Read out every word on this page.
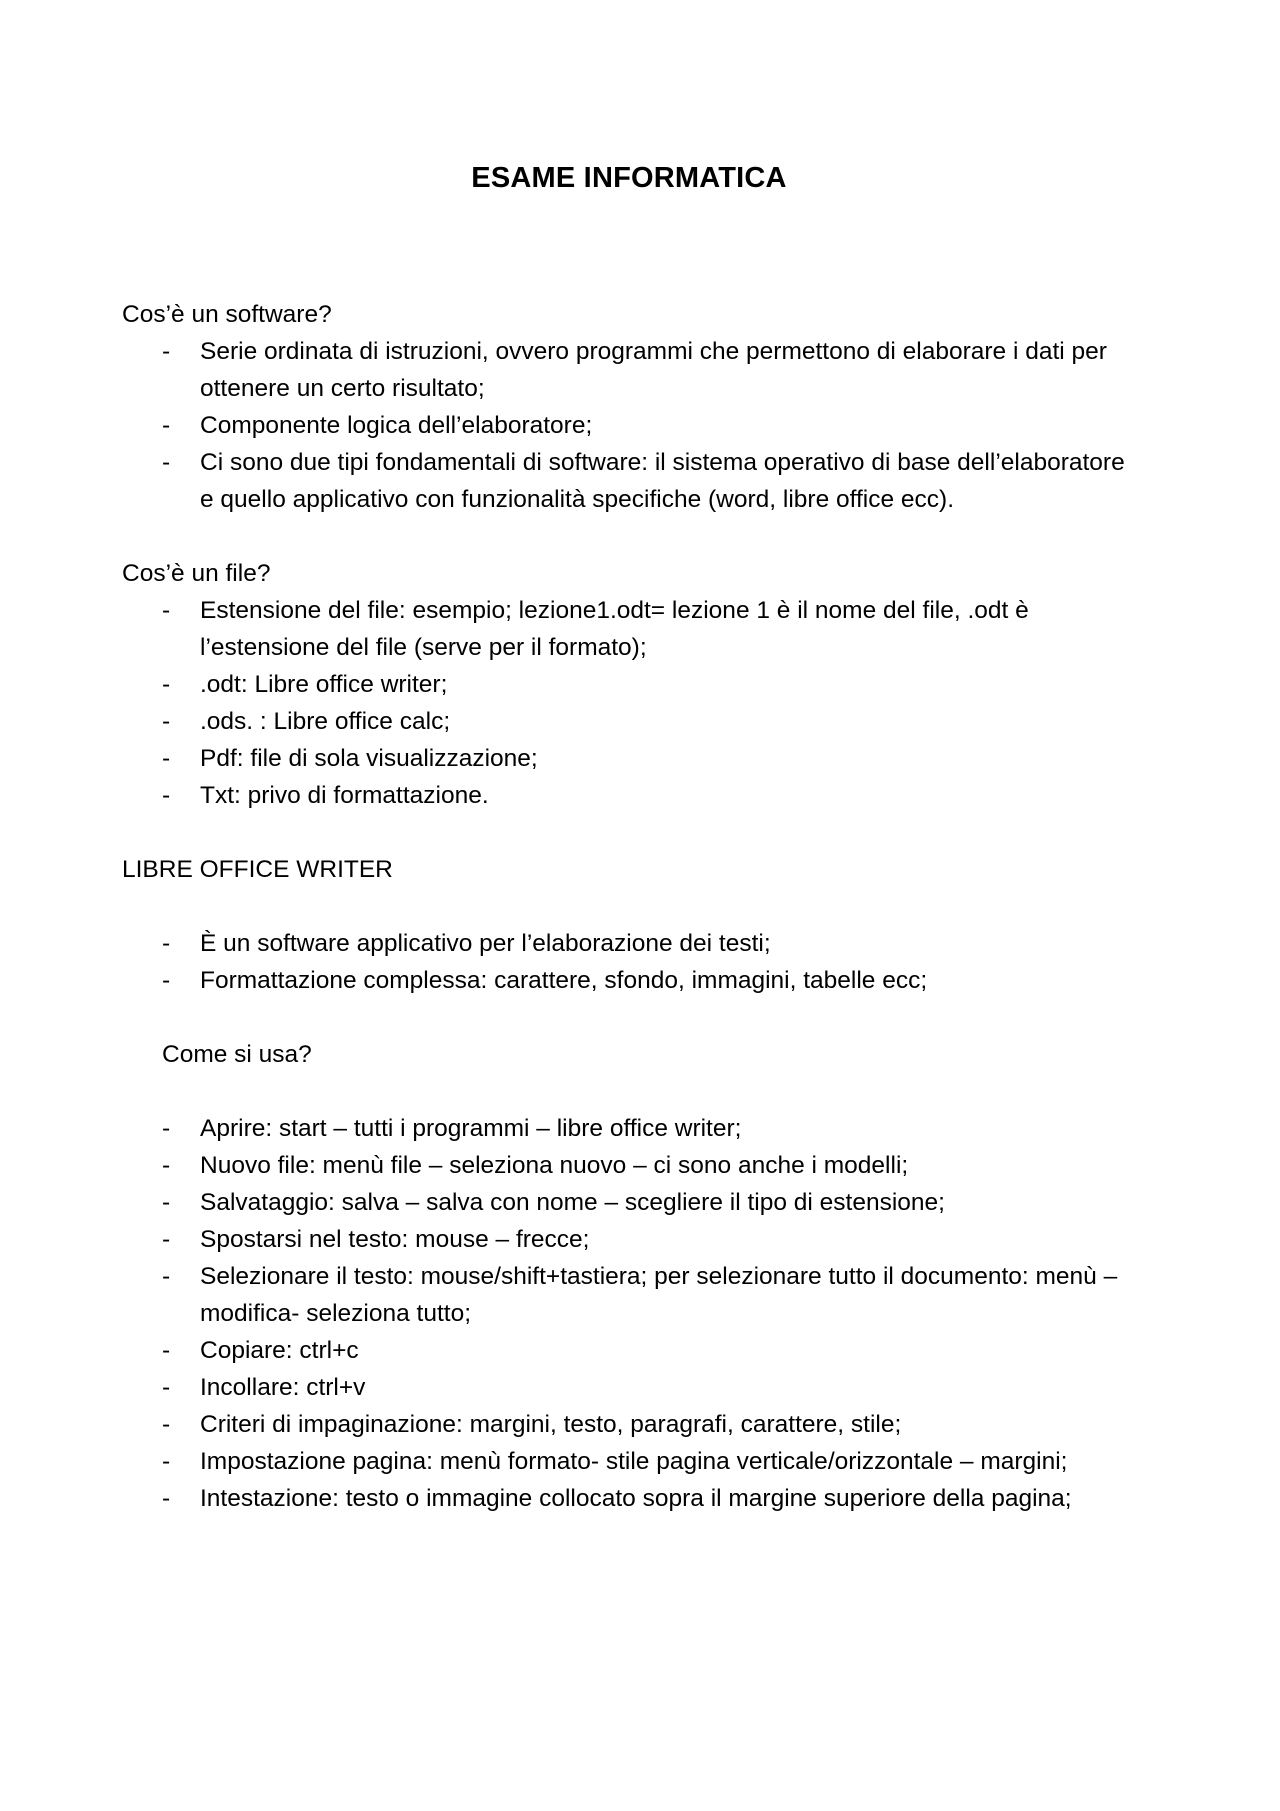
ESAME INFORMATICA
Cos’è un software?
- Serie ordinata di istruzioni, ovvero programmi che permettono di elaborare i dati per ottenere un certo risultato;
- Componente logica dell’elaboratore;
- Ci sono due tipi fondamentali di software: il sistema operativo di base dell’elaboratore e quello applicativo con funzionalità specifiche (word, libre office ecc).
Cos’è un file?
- Estensione del file: esempio; lezione1.odt= lezione 1 è il nome del file, .odt è l’estensione del file (serve per il formato);
- .odt: Libre office writer;
- .ods. : Libre office calc;
- Pdf: file di sola visualizzazione;
- Txt: privo di formattazione.
LIBRE OFFICE WRITER
- È un software applicativo per l’elaborazione dei testi;
- Formattazione complessa: carattere, sfondo, immagini, tabelle ecc;
Come si usa?
- Aprire: start – tutti i programmi – libre office writer;
- Nuovo file: menù file – seleziona nuovo – ci sono anche i modelli;
- Salvataggio: salva – salva con nome – scegliere il tipo di estensione;
- Spostarsi nel testo: mouse – frecce;
- Selezionare il testo: mouse/shift+tastiera; per selezionare tutto il documento: menù – modifica- seleziona tutto;
- Copiare: ctrl+c
- Incollare: ctrl+v
- Criteri di impaginazione: margini, testo, paragrafi, carattere, stile;
- Impostazione pagina: menù formato- stile pagina verticale/orizzontale – margini;
- Intestazione: testo o immagine collocato sopra il margine superiore della pagina;
